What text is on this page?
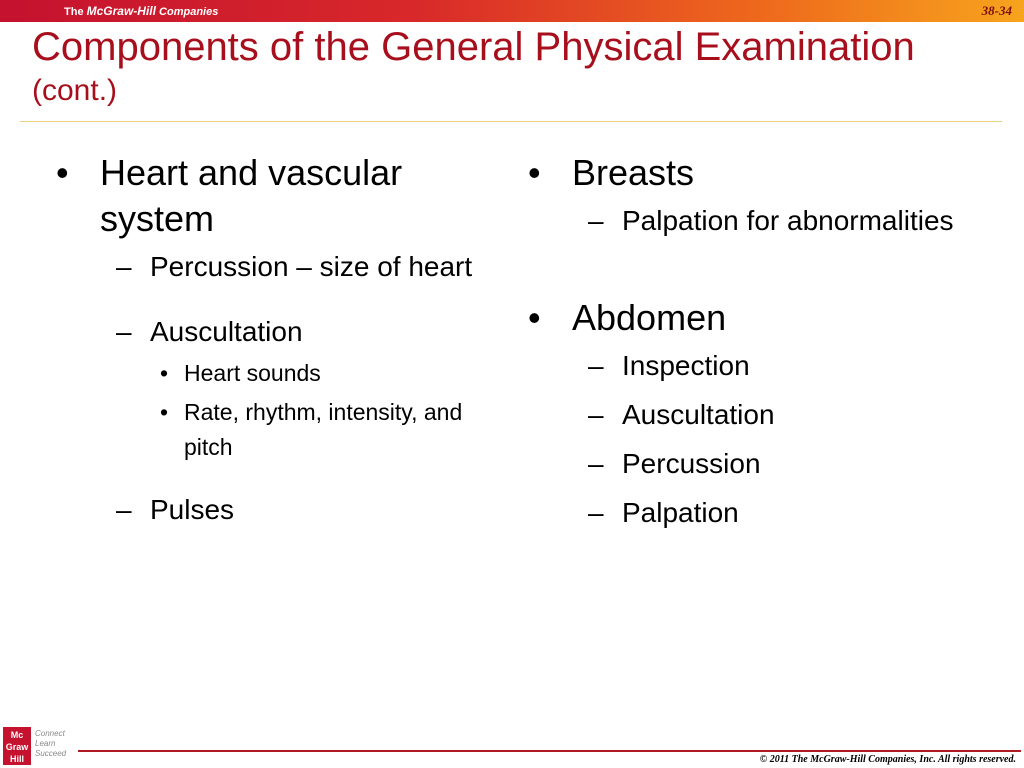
The McGraw-Hill Companies	38-34
Components of the General Physical Examination (cont.)
• Heart and vascular system
– Percussion – size of heart
– Auscultation
• Heart sounds
• Rate, rhythm, intensity, and pitch
– Pulses
• Breasts
– Palpation for abnormalities
• Abdomen
– Inspection
– Auscultation
– Percussion
– Palpation
Mc Graw Hill
Connect Learn Succeed
© 2011 The McGraw-Hill Companies, Inc. All rights reserved.
